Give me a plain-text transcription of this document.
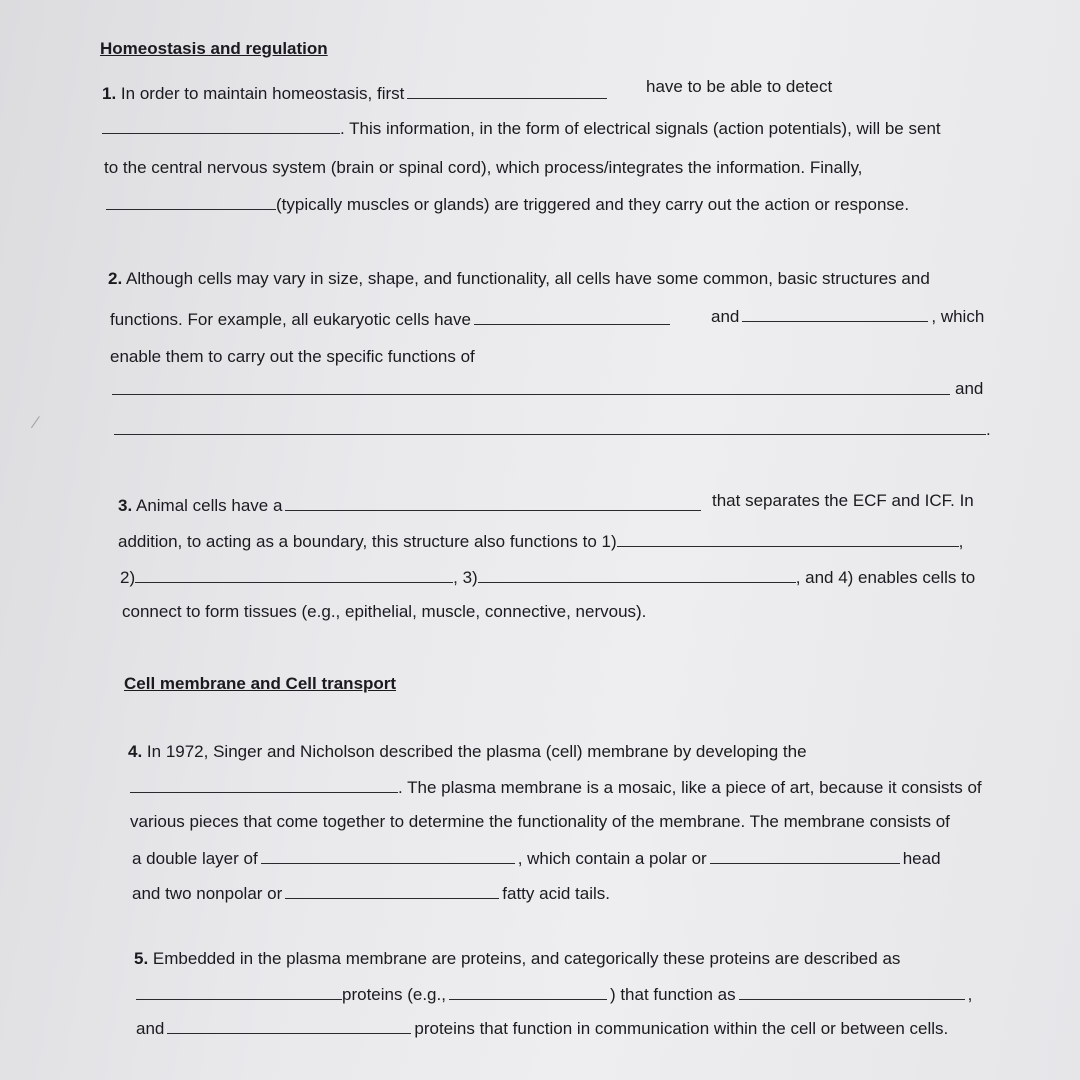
Homeostasis and regulation
1. In order to maintain homeostasis, first	have to be able to detect
. This information, in the form of electrical signals (action potentials), will be sent
to the central nervous system (brain or spinal cord), which process/integrates the information. Finally,
(typically muscles or glands) are triggered and they carry out the action or response.
2. Although cells may vary in size, shape, and functionality, all cells have some common, basic structures and
functions. For example, all eukaryotic cells have	and	, which
enable them to carry out the specific functions of
and
.
3. Animal cells have a	that separates the ECF and ICF. In
addition, to acting as a boundary, this structure also functions to 1)	,
2)	, 3)	, and 4) enables cells to
connect to form tissues (e.g., epithelial, muscle, connective, nervous).
Cell membrane and Cell transport
4. In 1972, Singer and Nicholson described the plasma (cell) membrane by developing the
. The plasma membrane is a mosaic, like a piece of art, because it consists of
various pieces that come together to determine the functionality of the membrane. The membrane consists of
a double layer of	, which contain a polar or	head
and two nonpolar or	fatty acid tails.
5. Embedded in the plasma membrane are proteins, and categorically these proteins are described as
proteins (e.g.,	) that function as	,
and	proteins that function in communication within the cell or between cells.
